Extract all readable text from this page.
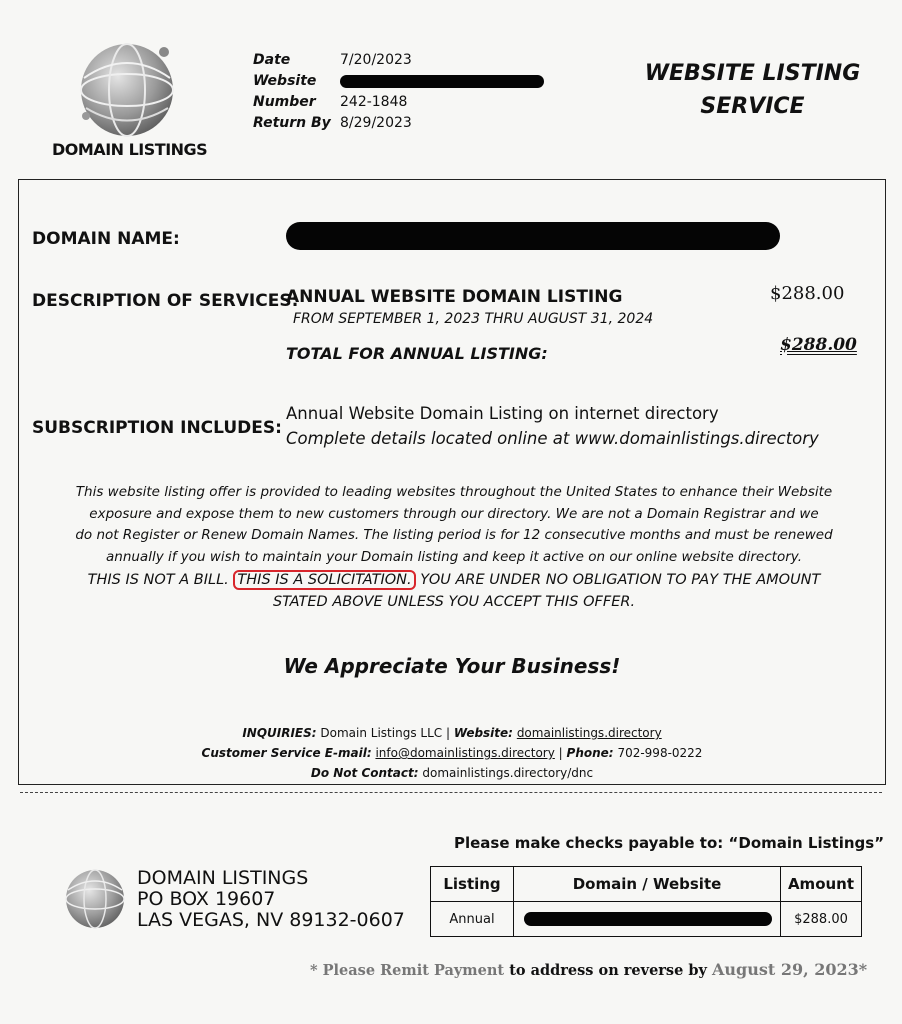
DOMAIN LISTINGS
Date	7/20/2023
Website
Number	242-1848
Return By 8/29/2023
WEBSITE LISTING
SERVICE
DOMAIN NAME:
DESCRIPTION OF SERVICES:
ANNUAL WEBSITE DOMAIN LISTING
FROM SEPTEMBER 1, 2023 THRU AUGUST 31, 2024
$288.00
TOTAL FOR ANNUAL LISTING:	$288.00
SUBSCRIPTION INCLUDES:
Annual Website Domain Listing on internet directory
Complete details located online at www.domainlistings.directory
This website listing offer is provided to leading websites throughout the United States to enhance their Website
exposure and expose them to new customers through our directory. We are not a Domain Registrar and we
do not Register or Renew Domain Names. The listing period is for 12 consecutive months and must be renewed
annually if you wish to maintain your Domain listing and keep it active on our online website directory.
THIS IS NOT A BILL. THIS IS A SOLICITATION. YOU ARE UNDER NO OBLIGATION TO PAY THE AMOUNT
STATED ABOVE UNLESS YOU ACCEPT THIS OFFER.
We Appreciate Your Business!
INQUIRIES: Domain Listings LLC | Website: domainlistings.directory
Customer Service E-mail: info@domainlistings.directory | Phone: 702-998-0222
Do Not Contact: domainlistings.directory/dnc
Please make checks payable to: “Domain Listings”
DOMAIN LISTINGS
PO BOX 19607
LAS VEGAS, NV 89132-0607
Listing	Domain / Website	Amount
Annual		$288.00
* Please Remit Payment to address on reverse by August 29, 2023*
